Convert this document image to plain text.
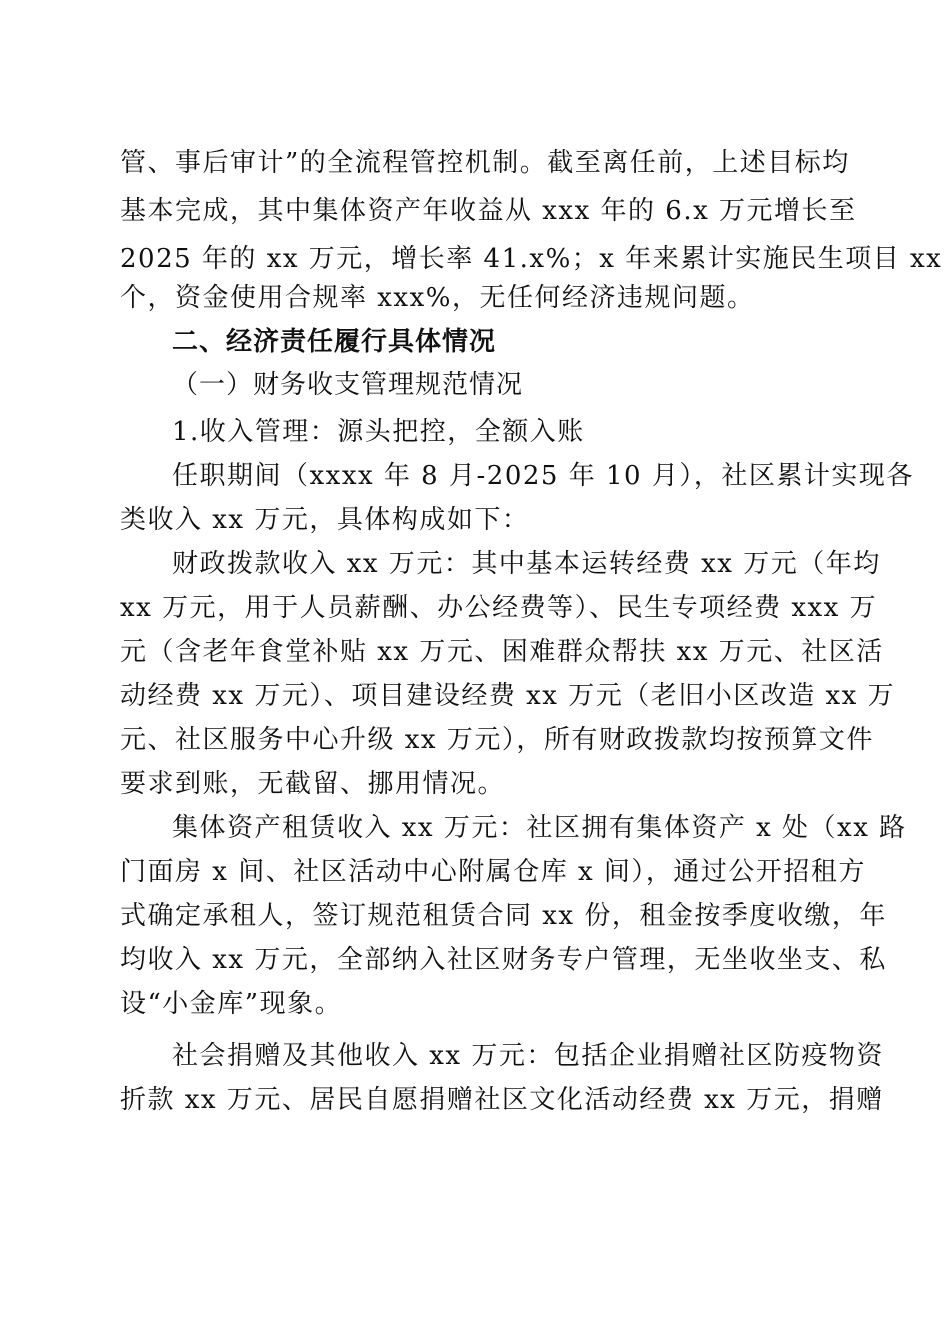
管、事后审计”的全流程管控机制。截至离任前，上述目标均
基本完成，其中集体资产年收益从 xxx 年的 6.x 万元增长至
2025 年的 xx 万元，增长率 41.x%；x 年来累计实施民生项目 xx
个，资金使用合规率 xxx%，无任何经济违规问题。
二、经济责任履行具体情况
（一）财务收支管理规范情况
1.收入管理：源头把控，全额入账
任职期间（xxxx 年 8 月-2025 年 10 月），社区累计实现各
类收入 xx 万元，具体构成如下：
财政拨款收入 xx 万元：其中基本运转经费 xx 万元（年均
xx 万元，用于人员薪酬、办公经费等）、民生专项经费 xxx 万
元（含老年食堂补贴 xx 万元、困难群众帮扶 xx 万元、社区活
动经费 xx 万元）、项目建设经费 xx 万元（老旧小区改造 xx 万
元、社区服务中心升级 xx 万元），所有财政拨款均按预算文件
要求到账，无截留、挪用情况。
集体资产租赁收入 xx 万元：社区拥有集体资产 x 处（xx 路
门面房 x 间、社区活动中心附属仓库 x 间），通过公开招租方
式确定承租人，签订规范租赁合同 xx 份，租金按季度收缴，年
均收入 xx 万元，全部纳入社区财务专户管理，无坐收坐支、私
设“小金库”现象。
社会捐赠及其他收入 xx 万元：包括企业捐赠社区防疫物资
折款 xx 万元、居民自愿捐赠社区文化活动经费 xx 万元，捐赠
